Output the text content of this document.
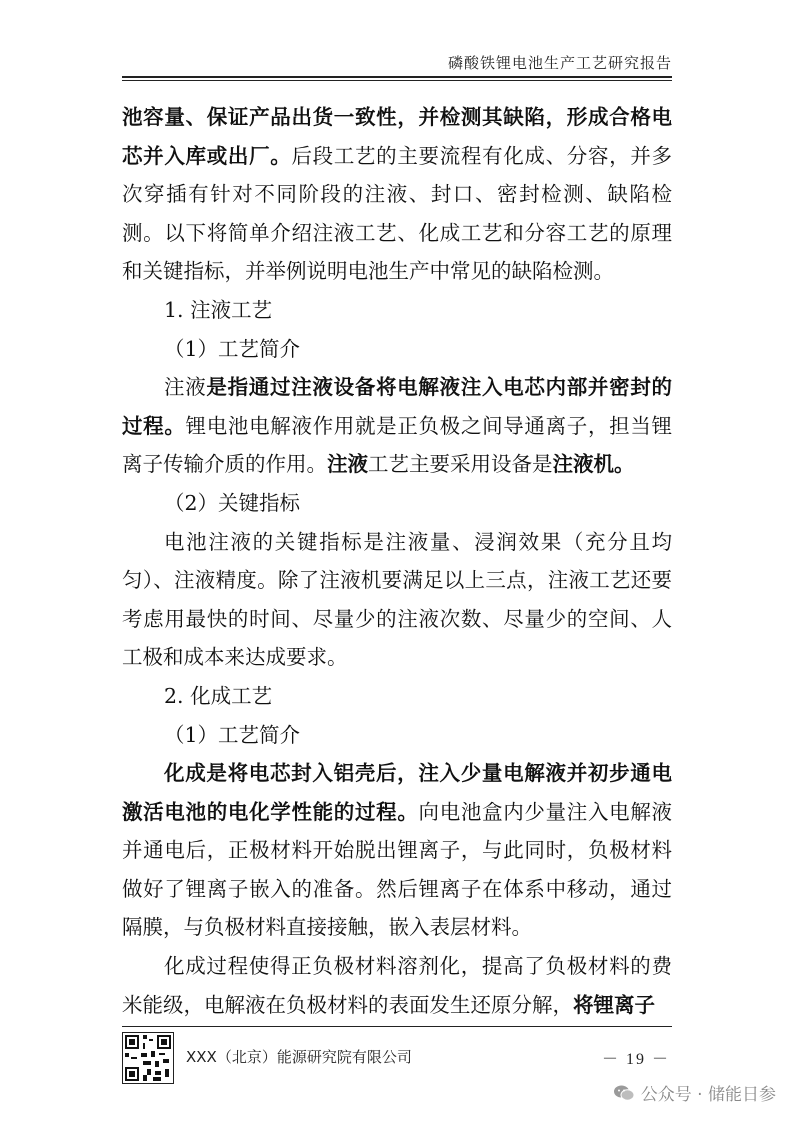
磷酸铁锂电池生产工艺研究报告

池容量、保证产品出货一致性，并检测其缺陷，形成合格电芯并入库或出厂。后段工艺的主要流程有化成、分容，并多次穿插有针对不同阶段的注液、封口、密封检测、缺陷检测。以下将简单介绍注液工艺、化成工艺和分容工艺的原理和关键指标，并举例说明电池生产中常见的缺陷检测。

1. 注液工艺

（1）工艺简介

注液是指通过注液设备将电解液注入电芯内部并密封的过程。锂电池电解液作用就是正负极之间导通离子，担当锂离子传输介质的作用。注液工艺主要采用设备是注液机。

（2）关键指标

电池注液的关键指标是注液量、浸润效果（充分且均匀）、注液精度。除了注液机要满足以上三点，注液工艺还要考虑用最快的时间、尽量少的注液次数、尽量少的空间、人工极和成本来达成要求。

2. 化成工艺

（1）工艺简介

化成是将电芯封入铝壳后，注入少量电解液并初步通电激活电池的电化学性能的过程。向电池盒内少量注入电解液并通电后，正极材料开始脱出锂离子，与此同时，负极材料做好了锂离子嵌入的准备。然后锂离子在体系中移动，通过隔膜，与负极材料直接接触，嵌入表层材料。

化成过程使得正负极材料溶剂化，提高了负极材料的费米能级，电解液在负极材料的表面发生还原分解，将锂离子

XXX（北京）能源研究院有限公司	－ 19 －
公众号 · 储能日参
